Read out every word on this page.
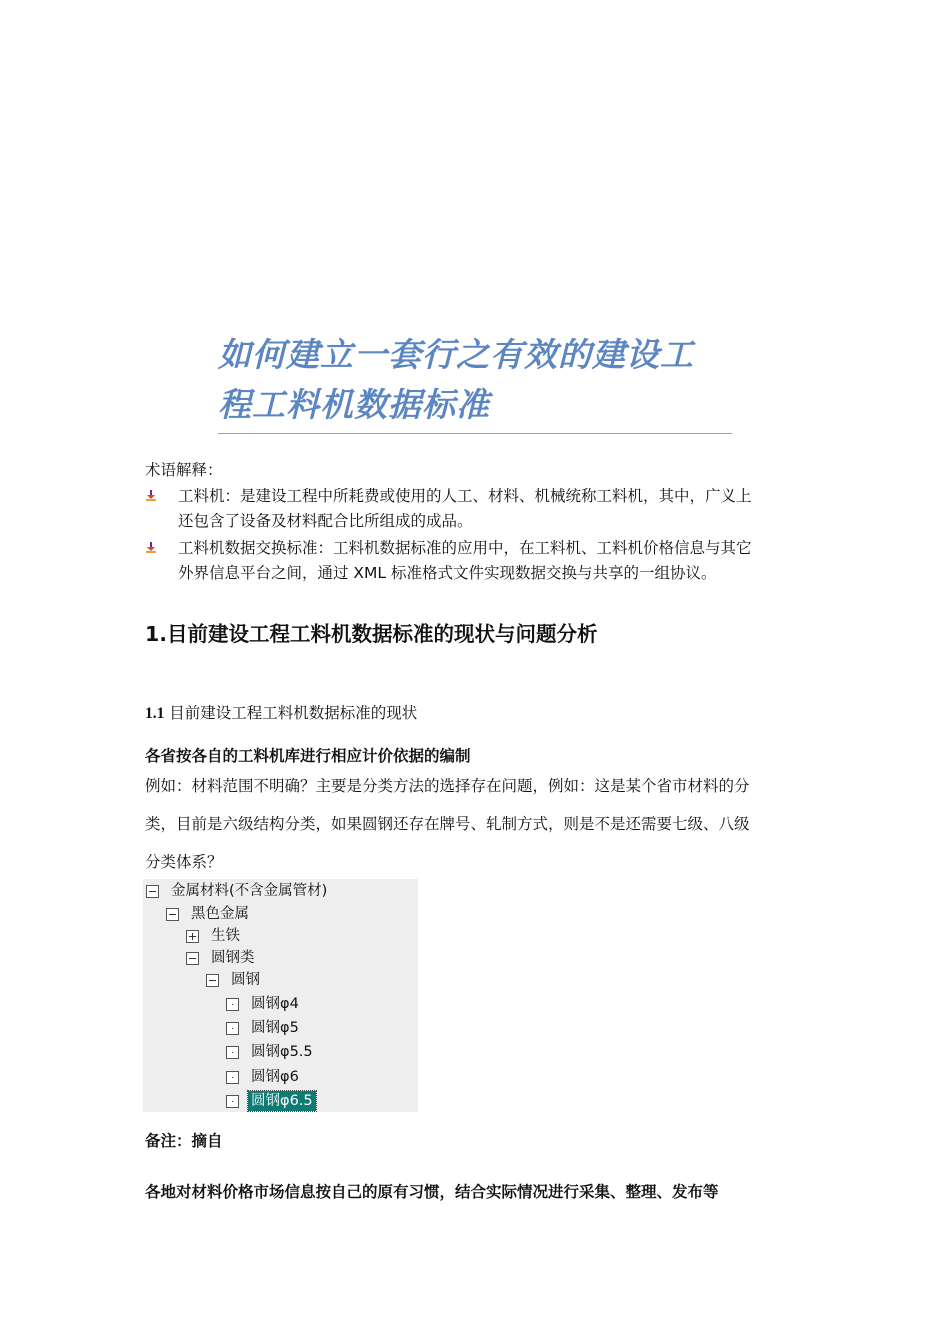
如何建立一套行之有效的建设工
程工料机数据标准
术语解释：
工料机：是建设工程中所耗费或使用的人工、材料、机械统称工料机，其中，广义上
还包含了设备及材料配合比所组成的成品。
工料机数据交换标准：工料机数据标准的应用中，在工料机、工料机价格信息与其它
外界信息平台之间，通过 XML 标准格式文件实现数据交换与共享的一组协议。
1.目前建设工程工料机数据标准的现状与问题分析
1.1 目前建设工程工料机数据标准的现状
各省按各自的工料机库进行相应计价依据的编制
例如：材料范围不明确？主要是分类方法的选择存在问题，例如：这是某个省市材料的分
类，目前是六级结构分类，如果圆钢还存在牌号、轧制方式，则是不是还需要七级、八级
分类体系？
金属材料(不含金属管材)
黑色金属
生铁
圆钢类
圆钢
圆钢φ4
圆钢φ5
圆钢φ5.5
圆钢φ6
圆钢φ6.5
备注：摘自
各地对材料价格市场信息按自己的原有习惯，结合实际情况进行采集、整理、发布等
